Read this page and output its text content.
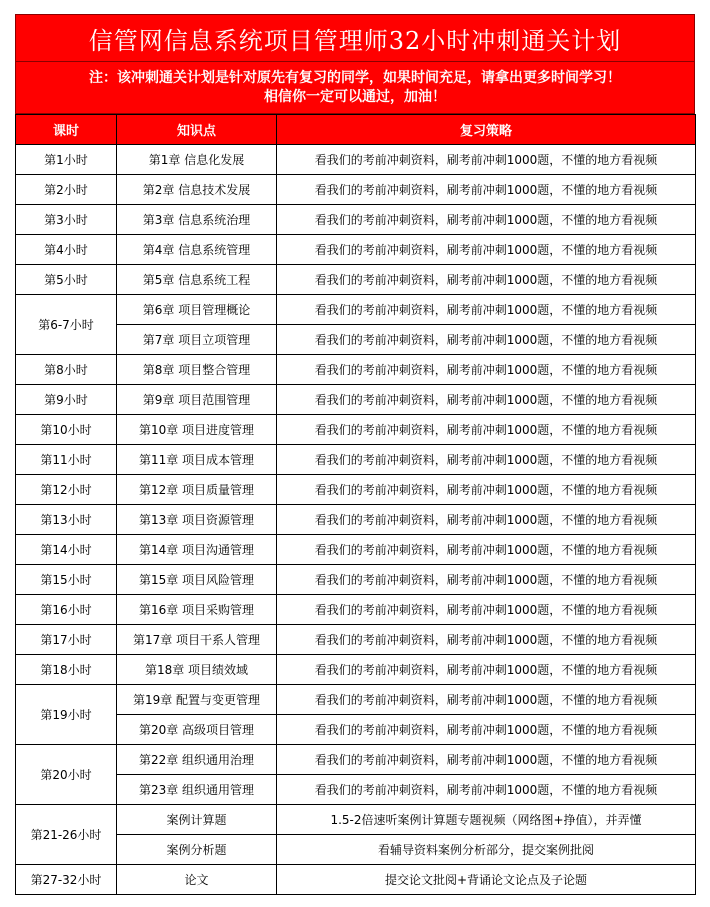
信管网信息系统项目管理师32小时冲刺通关计划
注：该冲刺通关计划是针对原先有复习的同学，如果时间充足，请拿出更多时间学习！
相信你一定可以通过，加油！
课时	知识点	复习策略
第1小时	第1章 信息化发展	看我们的考前冲刺资料，刷考前冲刺1000题，不懂的地方看视频
第2小时	第2章 信息技术发展	看我们的考前冲刺资料，刷考前冲刺1000题，不懂的地方看视频
第3小时	第3章 信息系统治理	看我们的考前冲刺资料，刷考前冲刺1000题，不懂的地方看视频
第4小时	第4章 信息系统管理	看我们的考前冲刺资料，刷考前冲刺1000题，不懂的地方看视频
第5小时	第5章 信息系统工程	看我们的考前冲刺资料，刷考前冲刺1000题，不懂的地方看视频
第6-7小时	第6章 项目管理概论	看我们的考前冲刺资料，刷考前冲刺1000题，不懂的地方看视频
	第7章 项目立项管理	看我们的考前冲刺资料，刷考前冲刺1000题，不懂的地方看视频
第8小时	第8章 项目整合管理	看我们的考前冲刺资料，刷考前冲刺1000题，不懂的地方看视频
第9小时	第9章 项目范围管理	看我们的考前冲刺资料，刷考前冲刺1000题，不懂的地方看视频
第10小时	第10章 项目进度管理	看我们的考前冲刺资料，刷考前冲刺1000题，不懂的地方看视频
第11小时	第11章 项目成本管理	看我们的考前冲刺资料，刷考前冲刺1000题，不懂的地方看视频
第12小时	第12章 项目质量管理	看我们的考前冲刺资料，刷考前冲刺1000题，不懂的地方看视频
第13小时	第13章 项目资源管理	看我们的考前冲刺资料，刷考前冲刺1000题，不懂的地方看视频
第14小时	第14章 项目沟通管理	看我们的考前冲刺资料，刷考前冲刺1000题，不懂的地方看视频
第15小时	第15章 项目风险管理	看我们的考前冲刺资料，刷考前冲刺1000题，不懂的地方看视频
第16小时	第16章 项目采购管理	看我们的考前冲刺资料，刷考前冲刺1000题，不懂的地方看视频
第17小时	第17章 项目干系人管理	看我们的考前冲刺资料，刷考前冲刺1000题，不懂的地方看视频
第18小时	第18章 项目绩效域	看我们的考前冲刺资料，刷考前冲刺1000题，不懂的地方看视频
第19小时	第19章 配置与变更管理	看我们的考前冲刺资料，刷考前冲刺1000题，不懂的地方看视频
	第20章 高级项目管理	看我们的考前冲刺资料，刷考前冲刺1000题，不懂的地方看视频
第20小时	第22章 组织通用治理	看我们的考前冲刺资料，刷考前冲刺1000题，不懂的地方看视频
	第23章 组织通用管理	看我们的考前冲刺资料，刷考前冲刺1000题，不懂的地方看视频
第21-26小时	案例计算题	1.5-2倍速听案例计算题专题视频（网络图+挣值），并弄懂
	案例分析题	看辅导资料案例分析部分，提交案例批阅
第27-32小时	论文	提交论文批阅+背诵论文论点及子论题
